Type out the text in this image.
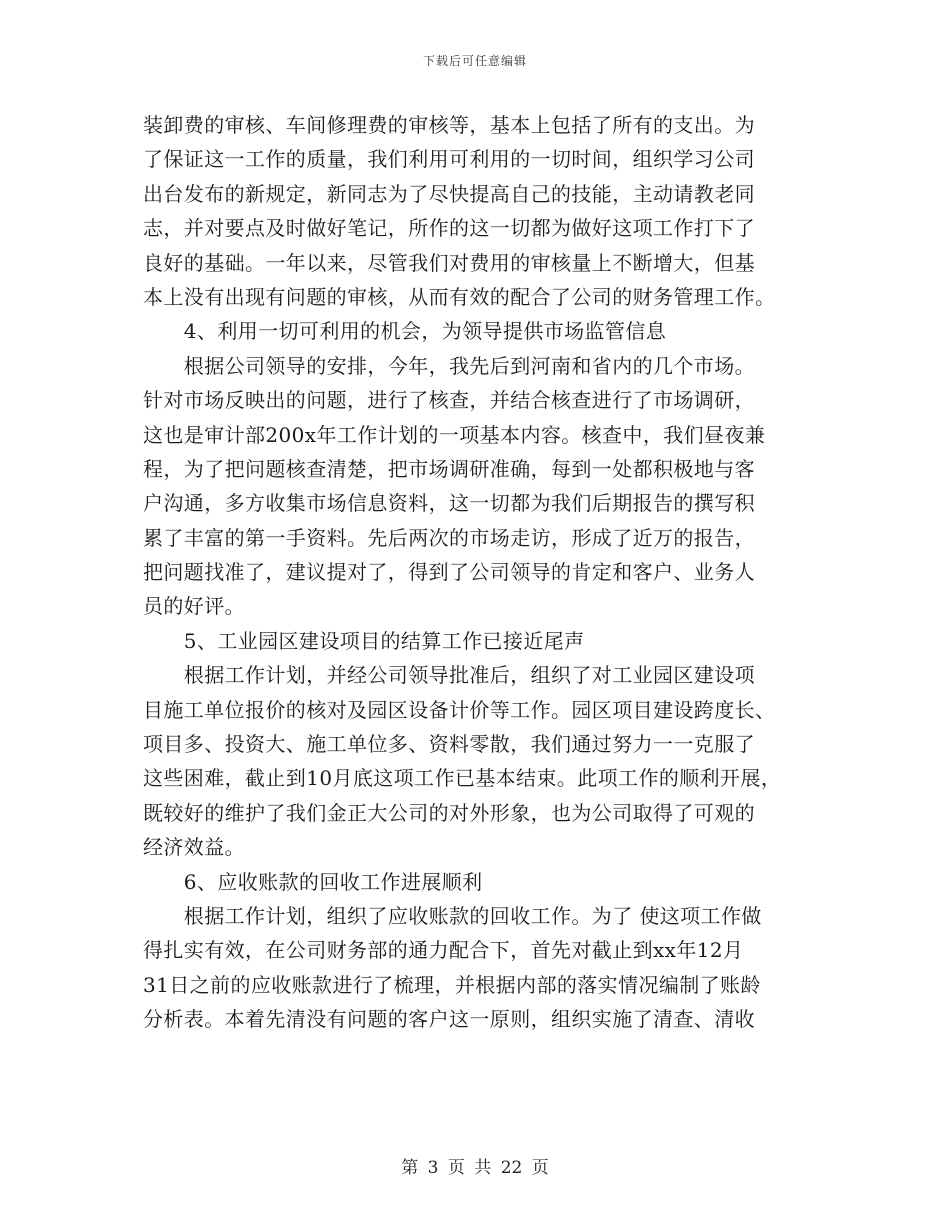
下载后可任意编辑
装卸费的审核、车间修理费的审核等，基本上包括了所有的支出。为
了保证这一工作的质量，我们利用可利用的一切时间，组织学习公司
出台发布的新规定，新同志为了尽快提高自己的技能，主动请教老同
志，并对要点及时做好笔记，所作的这一切都为做好这项工作打下了
良好的基础。一年以来，尽管我们对费用的审核量上不断增大，但基
本上没有出现有问题的审核，从而有效的配合了公司的财务管理工作。
　　4、利用一切可利用的机会，为领导提供市场监管信息
　　根据公司领导的安排，今年，我先后到河南和省内的几个市场。
针对市场反映出的问题，进行了核查，并结合核查进行了市场调研，
这也是审计部200x年工作计划的一项基本内容。核查中，我们昼夜兼
程，为了把问题核查清楚，把市场调研准确，每到一处都积极地与客
户沟通，多方收集市场信息资料，这一切都为我们后期报告的撰写积
累了丰富的第一手资料。先后两次的市场走访，形成了近万的报告，
把问题找准了，建议提对了，得到了公司领导的肯定和客户、业务人
员的好评。
　　5、工业园区建设项目的结算工作已接近尾声
　　根据工作计划，并经公司领导批准后，组织了对工业园区建设项
目施工单位报价的核对及园区设备计价等工作。园区项目建设跨度长、
项目多、投资大、施工单位多、资料零散，我们通过努力一一克服了
这些困难，截止到10月底这项工作已基本结束。此项工作的顺利开展，
既较好的维护了我们金正大公司的对外形象，也为公司取得了可观的
经济效益。
　　6、应收账款的回收工作进展顺利
　　根据工作计划，组织了应收账款的回收工作。为了 使这项工作做
得扎实有效，在公司财务部的通力配合下，首先对截止到xx年12月
31日之前的应收账款进行了梳理，并根据内部的落实情况编制了账龄
分析表。本着先清没有问题的客户这一原则，组织实施了清查、清收
第 3 页 共 22 页
